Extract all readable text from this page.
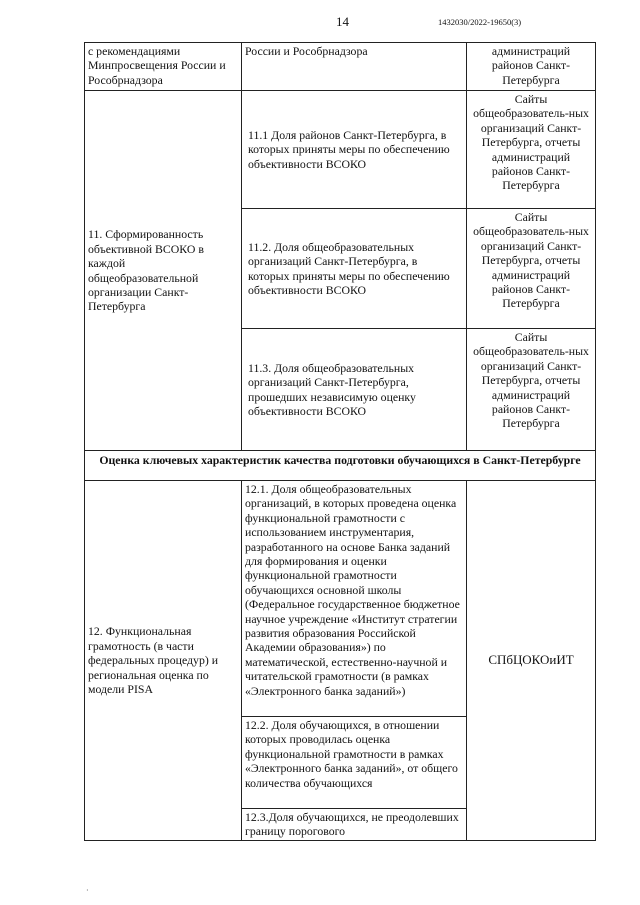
14	1432030/2022-19650(3)
с рекомендациями Минпросвещения России и Рособрнадзора	России и Рособрнадзора	администраций районов Санкт-Петербурга
11. Сформированность объективной ВСОКО в каждой общеобразовательной организации Санкт-Петербурга	11.1 Доля районов Санкт-Петербурга, в которых приняты меры по обеспечению объективности ВСОКО	Сайты общеобразователь-ных организаций Санкт-Петербурга, отчеты администраций районов Санкт-Петербурга
	11.2. Доля общеобразовательных организаций Санкт-Петербурга, в которых приняты меры по обеспечению объективности ВСОКО	Сайты общеобразователь-ных организаций Санкт-Петербурга, отчеты администраций районов Санкт-Петербурга
	11.3. Доля общеобразовательных организаций Санкт-Петербурга, прошедших независимую оценку объективности ВСОКО	Сайты общеобразователь-ных организаций Санкт-Петербурга, отчеты администраций районов Санкт-Петербурга
Оценка ключевых характеристик качества подготовки обучающихся в Санкт-Петербурге		
12. Функциональная грамотность (в части федеральных процедур) и региональная оценка по модели PISA	12.1. Доля общеобразовательных организаций, в которых проведена оценка функциональной грамотности с использованием инструментария, разработанного на основе Банка заданий для формирования и оценки функциональной грамотности обучающихся основной школы (Федеральное государственное бюджетное научное учреждение «Институт стратегии развития образования Российской Академии образования») по математической, естественно-научной и читательской грамотности (в рамках «Электронного банка заданий»)	СПбЦОКОиИТ
	12.2. Доля обучающихся, в отношении которых проводилась оценка функциональной грамотности в рамках «Электронного банка заданий», от общего количества обучающихся	
	12.3.Доля обучающихся, не преодолевших границу порогового	
·
